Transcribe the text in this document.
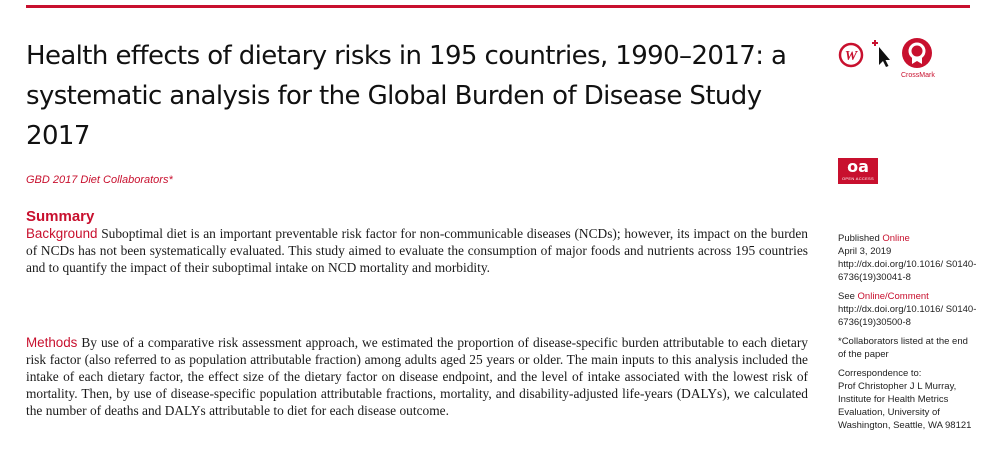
Health effects of dietary risks in 195 countries, 1990–2017: a systematic analysis for the Global Burden of Disease Study 2017
W
CrossMark
GBD 2017 Diet Collaborators*
oa
OPEN ACCESS
Summary

Background Suboptimal diet is an important preventable risk factor for non-communicable diseases (NCDs); however, its impact on the burden of NCDs has not been systematically evaluated. This study aimed to evaluate the consumption of major foods and nutrients across 195 countries and to quantify the impact of their suboptimal intake on NCD mortality and morbidity.

Methods By use of a comparative risk assessment approach, we estimated the proportion of disease-specific burden attributable to each dietary risk factor (also referred to as population attributable fraction) among adults aged 25 years or older. The main inputs to this analysis included the intake of each dietary factor, the effect size of the dietary factor on disease endpoint, and the level of intake associated with the lowest risk of mortality. Then, by use of disease-specific population attributable fractions, mortality, and disability-adjusted life-years (DALYs), we calculated the number of deaths and DALYs attributable to diet for each disease outcome.

Published Online
April 3, 2019
http://dx.doi.org/10.1016/ S0140-6736(19)30041-8

See Online/Comment
http://dx.doi.org/10.1016/ S0140-6736(19)30500-8

*Collaborators listed at the end of the paper

Correspondence to:
Prof Christopher J L Murray, Institute for Health Metrics Evaluation, University of Washington, Seattle, WA 98121
